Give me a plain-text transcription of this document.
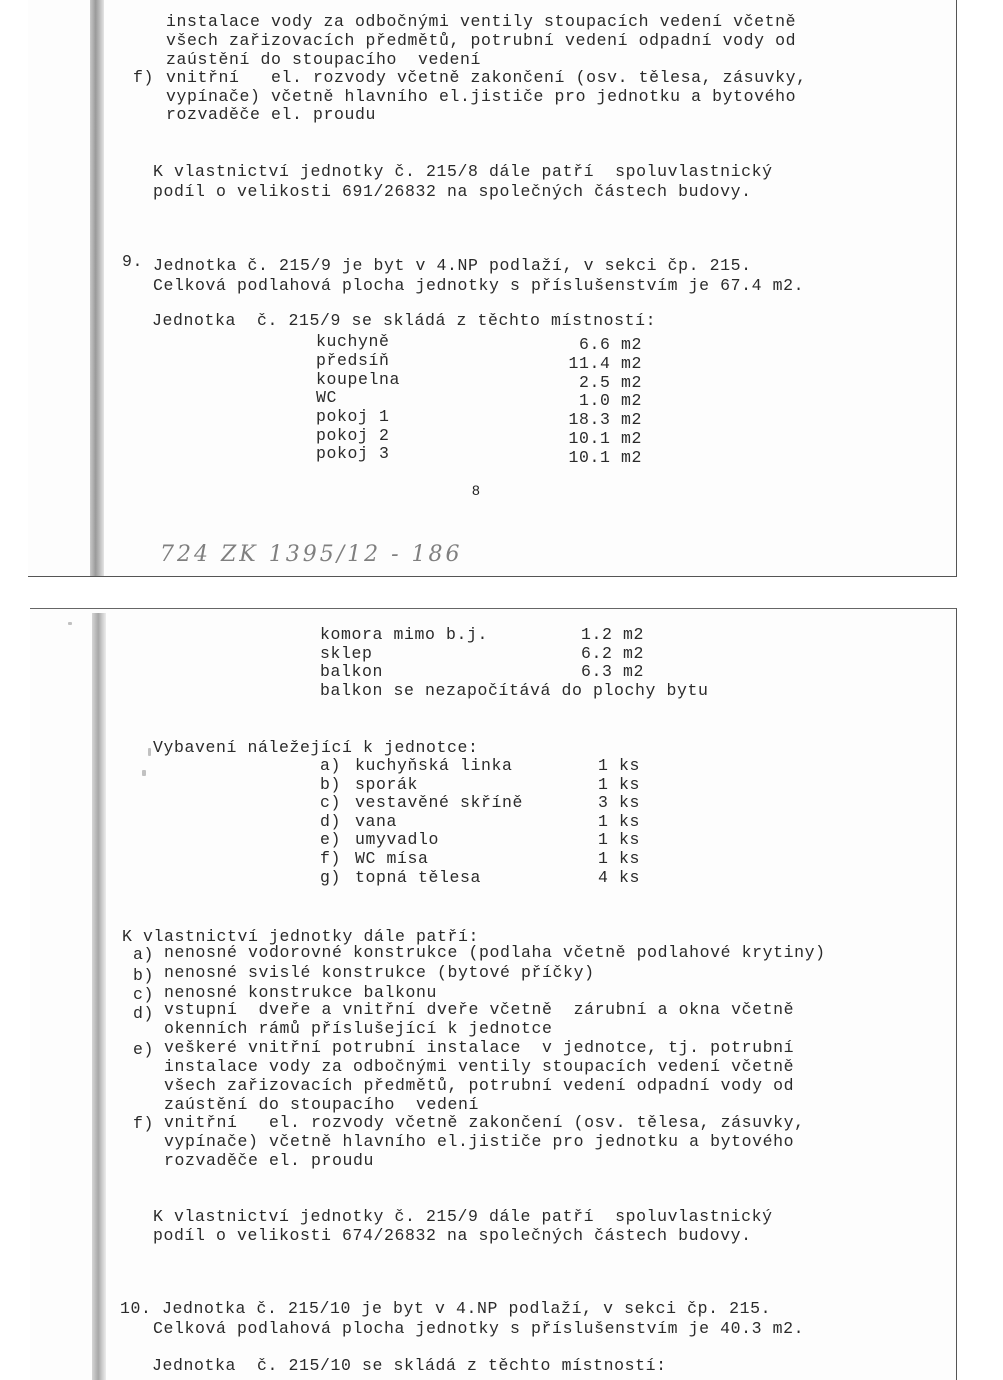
instalace vody za odbočnými ventily stoupacích vedení včetně
všech zařizovacích předmětů, potrubní vedení odpadní vody od
zaústění do stoupacího  vedení
f) vnitřní   el. rozvody včetně zakončení (osv. tělesa, zásuvky,
vypínače) včetně hlavního el.jističe pro jednotku a bytového
rozvaděče el. proudu
K vlastnictví jednotky č. 215/8 dále patří  spoluvlastnický
podíl o velikosti 691/26832 na společných částech budovy.
9. Jednotka č. 215/9 je byt v 4.NP podlaží, v sekci čp. 215.
Celková podlahová plocha jednotky s příslušenstvím je 67.4 m2.
Jednotka  č. 215/9 se skládá z těchto místností:
kuchyně	6.6 m2
předsíň	11.4 m2
koupelna	2.5 m2
WC	1.0 m2
pokoj 1	18.3 m2
pokoj 2	10.1 m2
pokoj 3	10.1 m2
8
724 ZK 1395/12 - 186
komora mimo b.j.	1.2 m2
sklep	6.2 m2
balkon	6.3 m2
balkon se nezapočítává do plochy bytu
Vybavení náležející k jednotce:
a) kuchyňská linka	1 ks
b) sporák	1 ks
c) vestavěné skříně	3 ks
d) vana	1 ks
e) umyvadlo	1 ks
f) WC mísa	1 ks
g) topná tělesa	4 ks
K vlastnictví jednotky dále patří:
a) nenosné vodorovné konstrukce (podlaha včetně podlahové krytiny)
b) nenosné svislé konstrukce (bytové příčky)
c) nenosné konstrukce balkonu
d) vstupní  dveře a vnitřní dveře včetně  zárubní a okna včetně
okenních rámů příslušející k jednotce
e) veškeré vnitřní potrubní instalace  v jednotce, tj. potrubní
instalace vody za odbočnými ventily stoupacích vedení včetně
všech zařizovacích předmětů, potrubní vedení odpadní vody od
zaústění do stoupacího  vedení
f) vnitřní   el. rozvody včetně zakončení (osv. tělesa, zásuvky,
vypínače) včetně hlavního el.jističe pro jednotku a bytového
rozvaděče el. proudu
K vlastnictví jednotky č. 215/9 dále patří  spoluvlastnický
podíl o velikosti 674/26832 na společných částech budovy.
10. Jednotka č. 215/10 je byt v 4.NP podlaží, v sekci čp. 215.
Celková podlahová plocha jednotky s příslušenstvím je 40.3 m2.
Jednotka  č. 215/10 se skládá z těchto místností:
